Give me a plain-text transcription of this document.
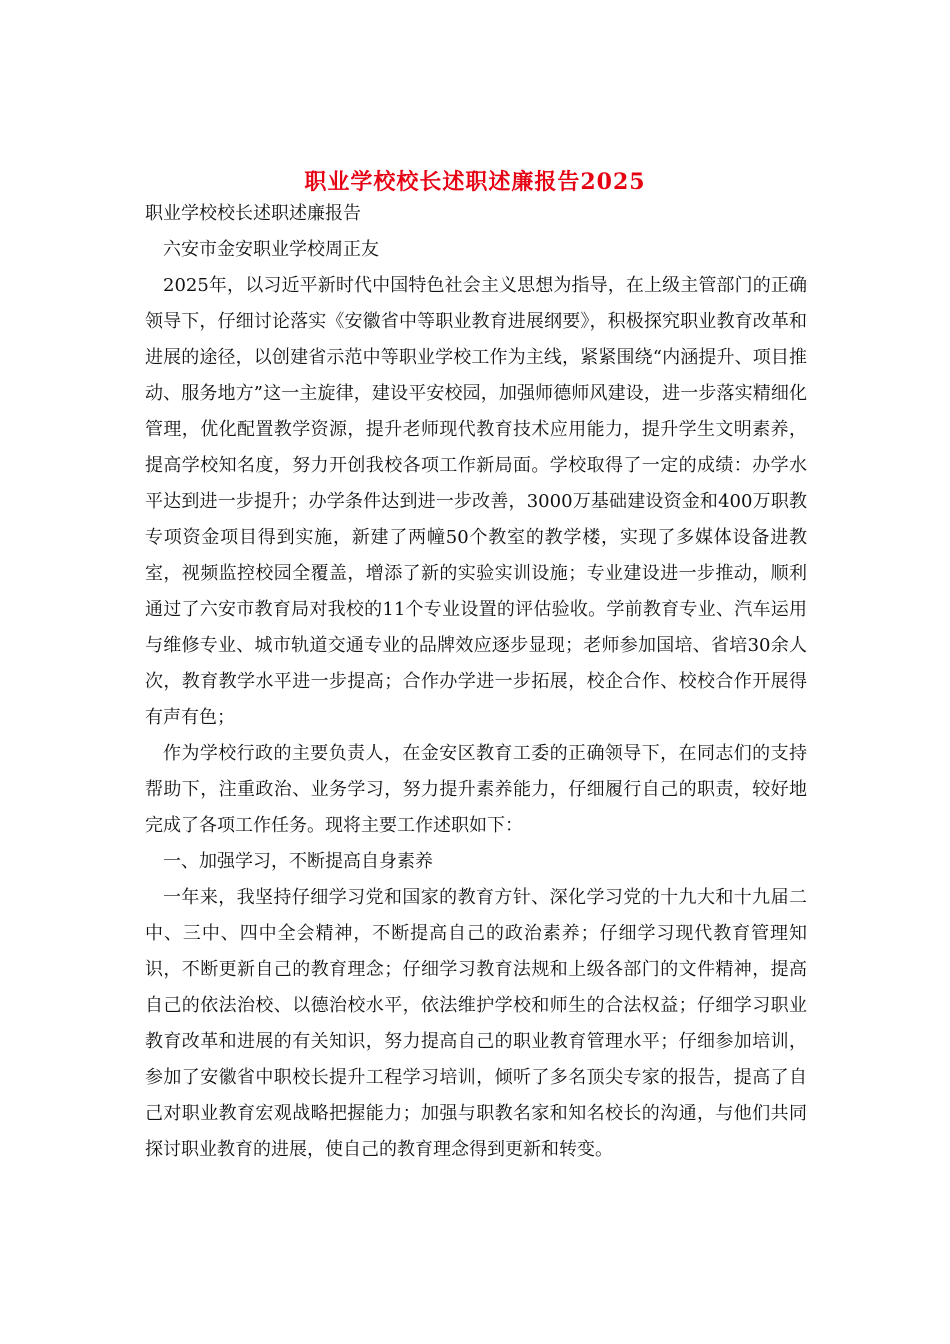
职业学校校长述职述廉报告2025

职业学校校长述职述廉报告

六安市金安职业学校周正友

2025年，以习近平新时代中国特色社会主义思想为指导，在上级主管部门的正确领导下，仔细讨论落实《安徽省中等职业教育进展纲要》，积极探究职业教育改革和进展的途径，以创建省示范中等职业学校工作为主线，紧紧围绕“内涵提升、项目推动、服务地方”这一主旋律，建设平安校园，加强师德师风建设，进一步落实精细化管理，优化配置教学资源，提升老师现代教育技术应用能力，提升学生文明素养，提高学校知名度，努力开创我校各项工作新局面。学校取得了一定的成绩：办学水平达到进一步提升；办学条件达到进一步改善，3000万基础建设资金和400万职教专项资金项目得到实施，新建了两幢50个教室的教学楼，实现了多媒体设备进教室，视频监控校园全覆盖，增添了新的实验实训设施；专业建设进一步推动，顺利通过了六安市教育局对我校的11个专业设置的评估验收。学前教育专业、汽车运用与维修专业、城市轨道交通专业的品牌效应逐步显现；老师参加国培、省培30余人次，教育教学水平进一步提高；合作办学进一步拓展，校企合作、校校合作开展得有声有色；

作为学校行政的主要负责人，在金安区教育工委的正确领导下，在同志们的支持帮助下，注重政治、业务学习，努力提升素养能力，仔细履行自己的职责，较好地完成了各项工作任务。现将主要工作述职如下：

一、加强学习，不断提高自身素养

一年来，我坚持仔细学习党和国家的教育方针、深化学习党的十九大和十九届二中、三中、四中全会精神，不断提高自己的政治素养；仔细学习现代教育管理知识，不断更新自己的教育理念；仔细学习教育法规和上级各部门的文件精神，提高自己的依法治校、以德治校水平，依法维护学校和师生的合法权益；仔细学习职业教育改革和进展的有关知识，努力提高自己的职业教育管理水平；仔细参加培训，参加了安徽省中职校长提升工程学习培训，倾听了多名顶尖专家的报告，提高了自己对职业教育宏观战略把握能力；加强与职教名家和知名校长的沟通，与他们共同探讨职业教育的进展，使自己的教育理念得到更新和转变。
